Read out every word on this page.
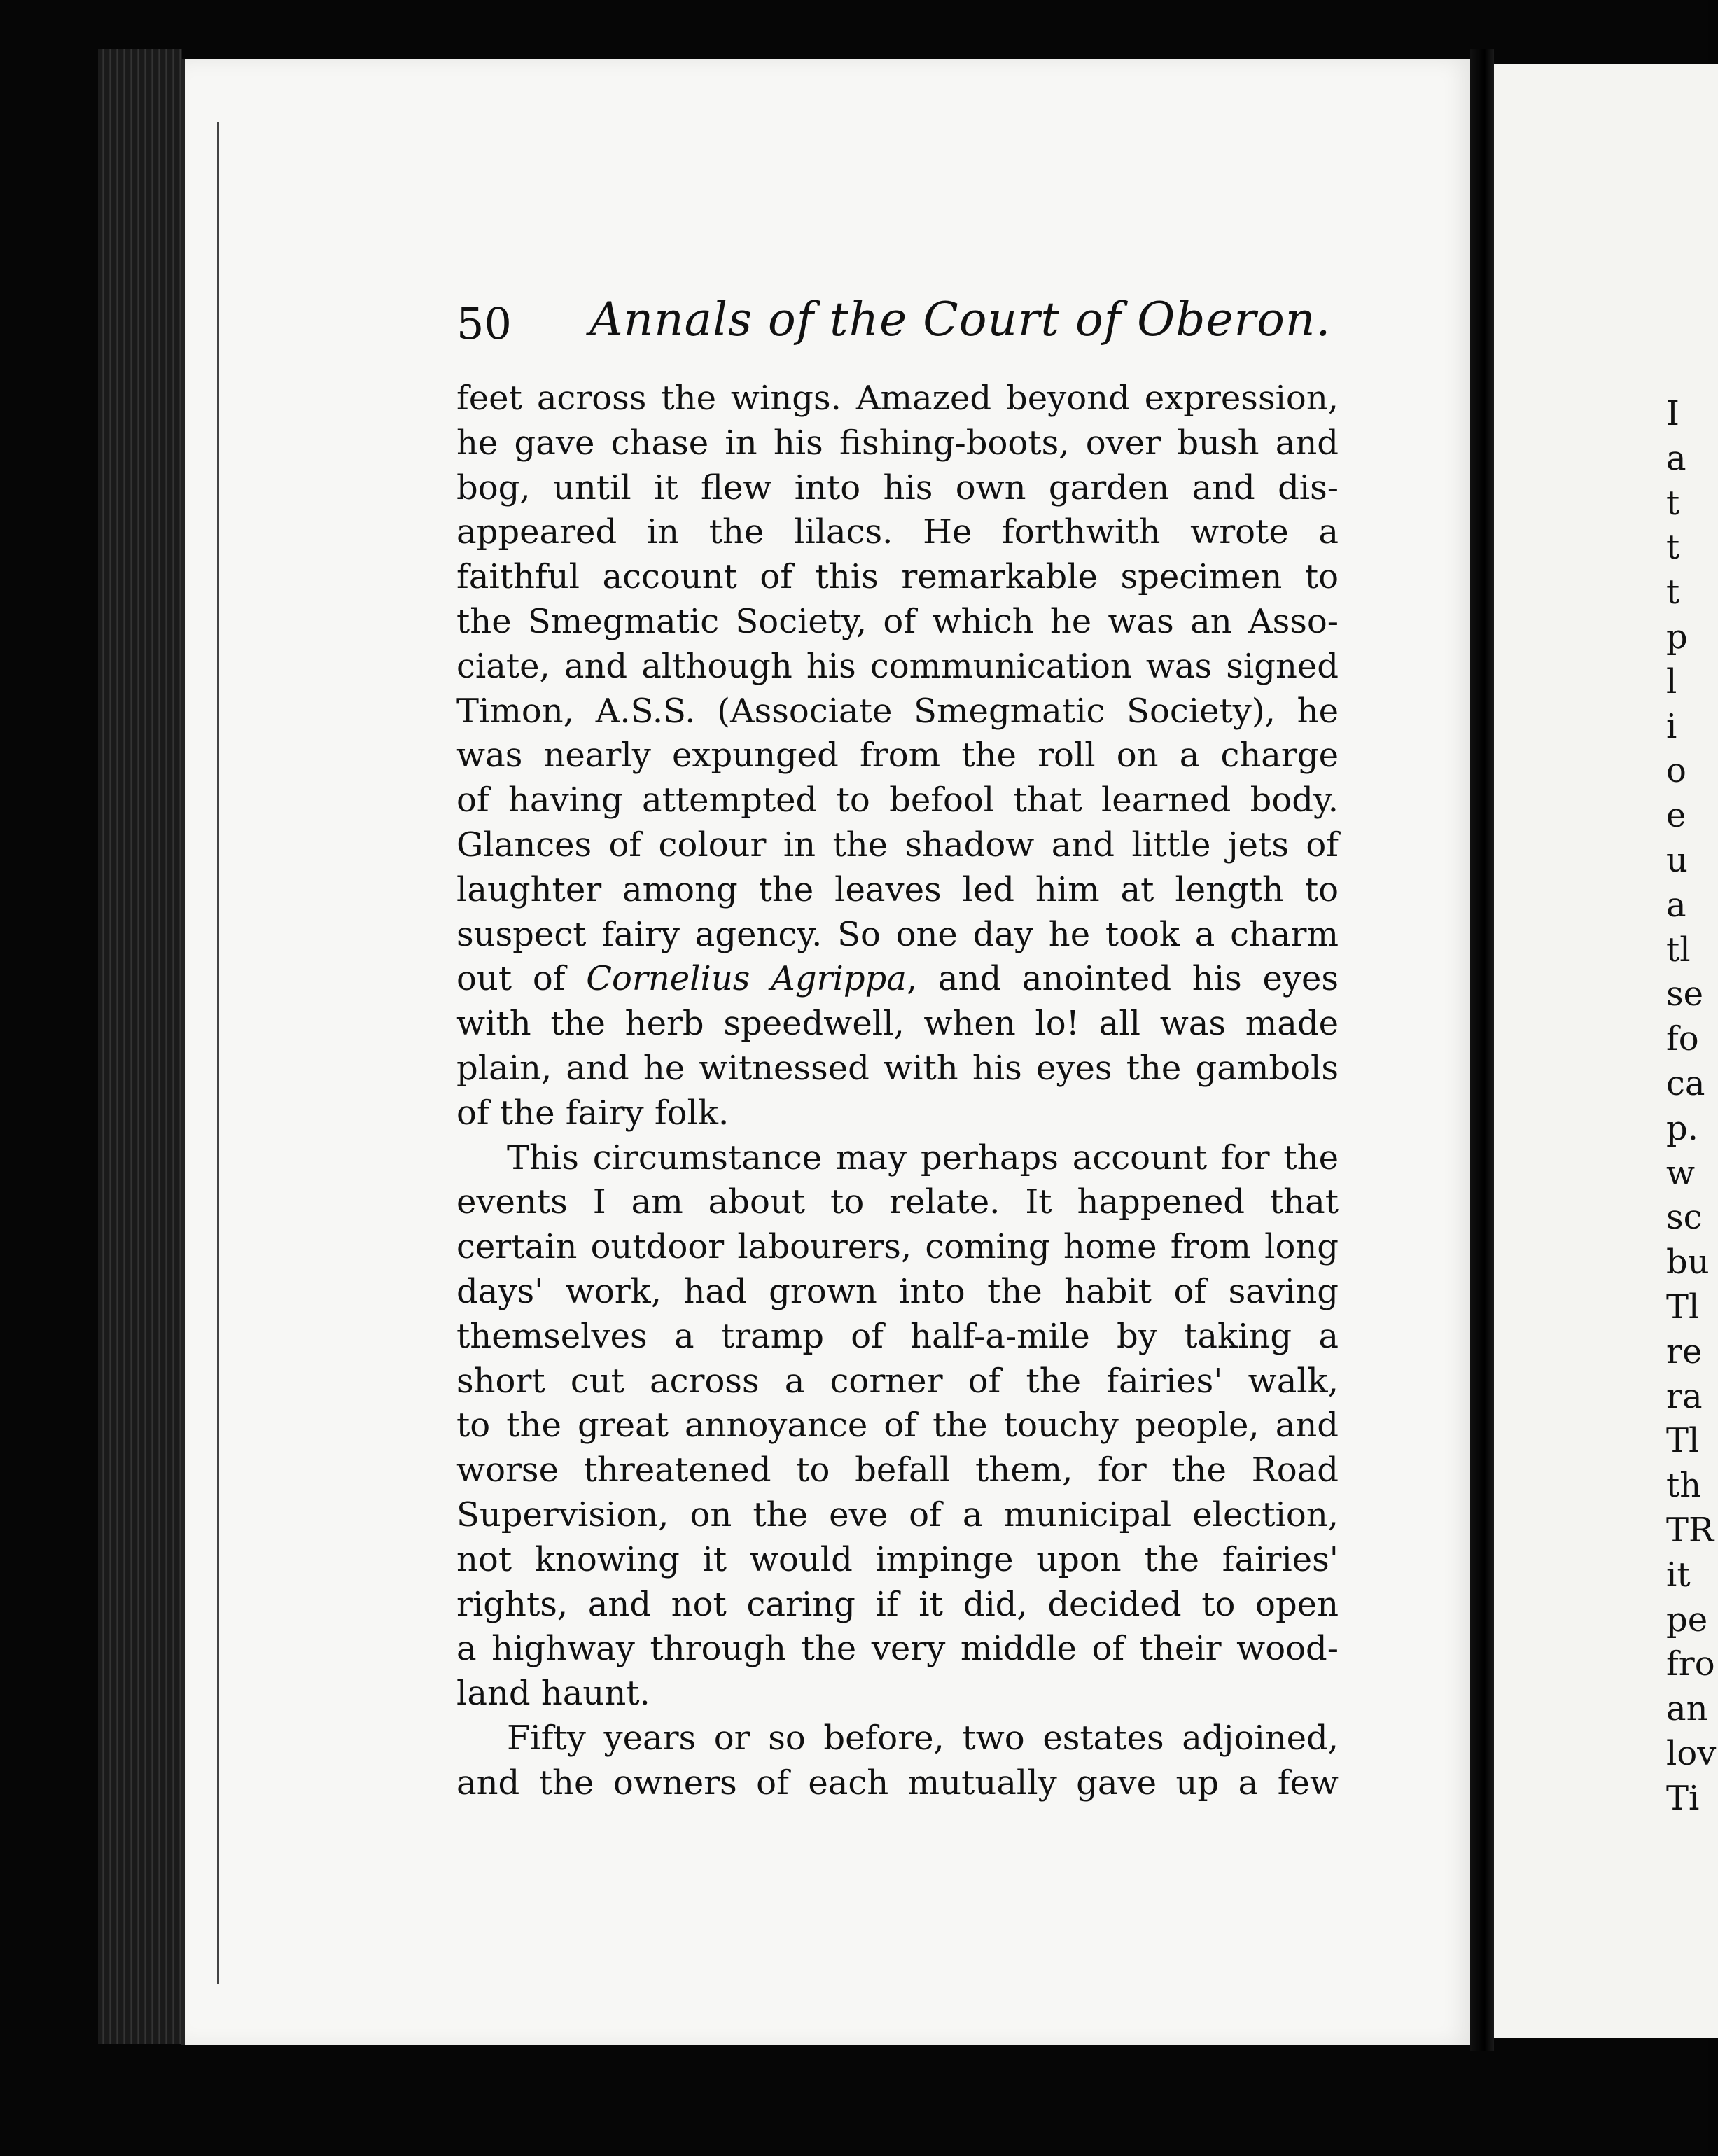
50 Annals of the Court of Oberon.
feet across the wings. Amazed beyond expression,
he gave chase in his fishing-boots, over bush and
bog, until it flew into his own garden and dis-
appeared in the lilacs. He forthwith wrote a
faithful account of this remarkable specimen to
the Smegmatic Society, of which he was an Asso-
ciate, and although his communication was signed
Timon, A.S.S. (Associate Smegmatic Society), he
was nearly expunged from the roll on a charge
of having attempted to befool that learned body.
Glances of colour in the shadow and little jets of
laughter among the leaves led him at length to
suspect fairy agency. So one day he took a charm
out of Cornelius Agrippa, and anointed his eyes
with the herb speedwell, when lo! all was made
plain, and he witnessed with his eyes the gambols
of the fairy folk.
This circumstance may perhaps account for the
events I am about to relate. It happened that
certain outdoor labourers, coming home from long
days' work, had grown into the habit of saving
themselves a tramp of half-a-mile by taking a
short cut across a corner of the fairies' walk,
to the great annoyance of the touchy people, and
worse threatened to befall them, for the Road
Supervision, on the eve of a municipal election,
not knowing it would impinge upon the fairies'
rights, and not caring if it did, decided to open
a highway through the very middle of their wood-
land haunt.
Fifty years or so before, two estates adjoined,
and the owners of each mutually gave up a few
I
a
t
t
t
p
l
i
o
e
u
a
tl
se
fo
ca
p.
w
sc
bu
Tl
re
ra
Tl
th
TR
it
pe
fro
an
lov
Ti
